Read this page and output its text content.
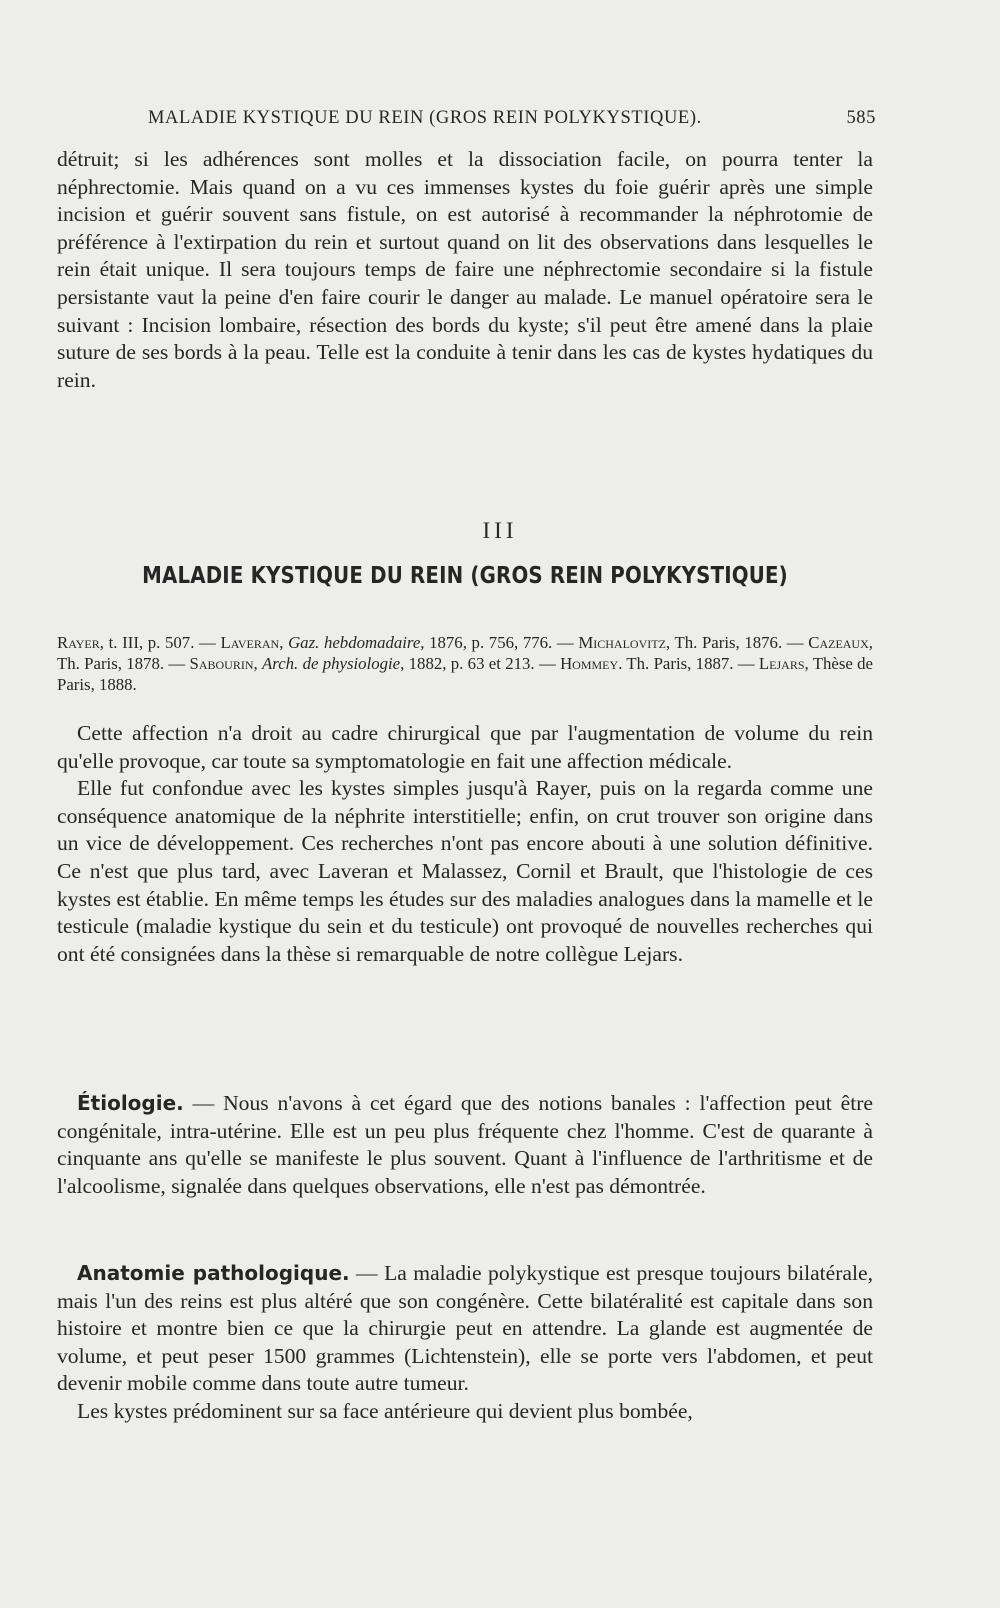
MALADIE KYSTIQUE DU REIN (GROS REIN POLYKYSTIQUE).	585

détruit; si les adhérences sont molles et la dissociation facile, on pourra tenter la néphrectomie. Mais quand on a vu ces immenses kystes du foie guérir après une simple incision et guérir souvent sans fistule, on est autorisé à recommander la néphrotomie de préférence à l'extirpation du rein et surtout quand on lit des observations dans lesquelles le rein était unique. Il sera toujours temps de faire une néphrectomie secondaire si la fistule persistante vaut la peine d'en faire courir le danger au malade. Le manuel opératoire sera le suivant : Incision lombaire, résection des bords du kyste; s'il peut être amené dans la plaie suture de ses bords à la peau. Telle est la conduite à tenir dans les cas de kystes hydatiques du rein.

III
MALADIE KYSTIQUE DU REIN (GROS REIN POLYKYSTIQUE)

Rayer, t. III, p. 507. — Laveran, Gaz. hebdomadaire, 1876, p. 756, 776. — Michalovitz, Th. Paris, 1876. — Cazeaux, Th. Paris, 1878. — Sabourin, Arch. de physiologie, 1882, p. 63 et 213. — Hommey. Th. Paris, 1887. — Lejars, Thèse de Paris, 1888.

Cette affection n'a droit au cadre chirurgical que par l'augmentation de volume du rein qu'elle provoque, car toute sa symptomatologie en fait une affection médicale.

Elle fut confondue avec les kystes simples jusqu'à Rayer, puis on la regarda comme une conséquence anatomique de la néphrite interstitielle; enfin, on crut trouver son origine dans un vice de développement. Ces recherches n'ont pas encore abouti à une solution définitive. Ce n'est que plus tard, avec Laveran et Malassez, Cornil et Brault, que l'histologie de ces kystes est établie. En même temps les études sur des maladies analogues dans la mamelle et le testicule (maladie kystique du sein et du testicule) ont provoqué de nouvelles recherches qui ont été consignées dans la thèse si remarquable de notre collègue Lejars.

Étiologie. — Nous n'avons à cet égard que des notions banales : l'affection peut être congénitale, intra-utérine. Elle est un peu plus fréquente chez l'homme. C'est de quarante à cinquante ans qu'elle se manifeste le plus souvent. Quant à l'influence de l'arthritisme et de l'alcoolisme, signalée dans quelques observations, elle n'est pas démontrée.

Anatomie pathologique. — La maladie polykystique est presque toujours bilatérale, mais l'un des reins est plus altéré que son congénère. Cette bilatéralité est capitale dans son histoire et montre bien ce que la chirurgie peut en attendre. La glande est augmentée de volume, et peut peser 1500 grammes (Lichtenstein), elle se porte vers l'abdomen, et peut devenir mobile comme dans toute autre tumeur.

Les kystes prédominent sur sa face antérieure qui devient plus bombée,
